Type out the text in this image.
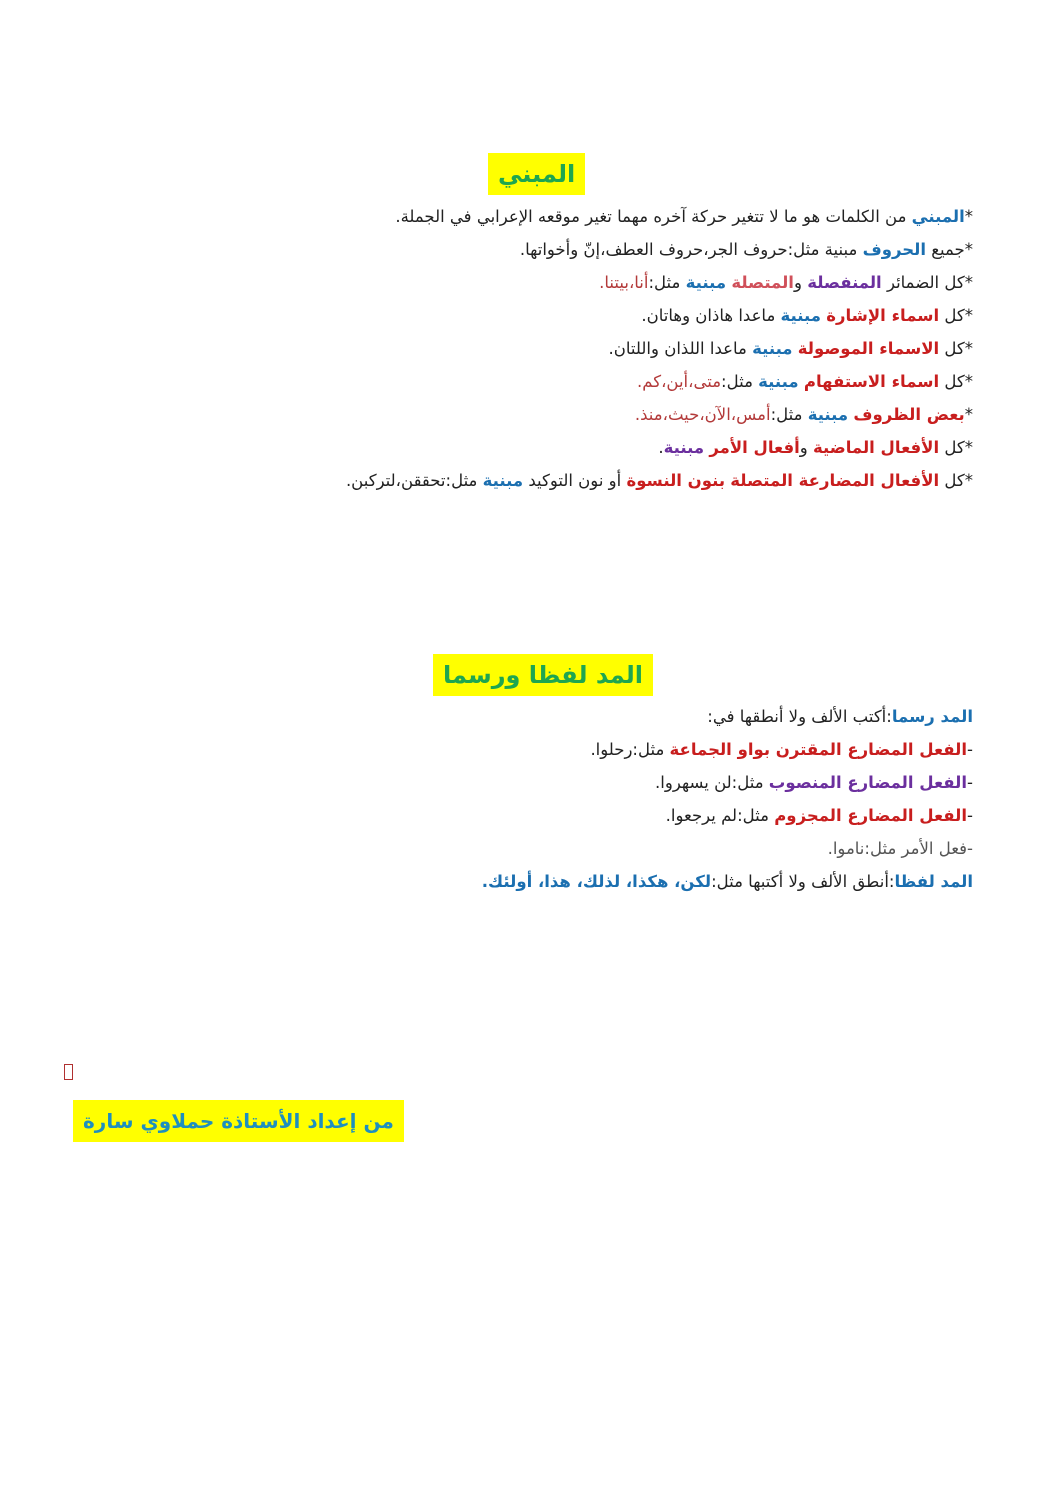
المبني
*المبني من الكلمات هو ما لا تتغير حركة آخره مهما تغير موقعه الإعرابي في الجملة.
*جميع الحروف مبنية مثل:حروف الجر،حروف العطف،إنّ وأخواتها.
*كل الضمائر المنفصلة والمتصلة مبنية مثل:أنا،بيتنا.
*كل اسماء الإشارة مبنية ماعدا هاذان وهاتان.
*كل الاسماء الموصولة مبنية ماعدا اللذان واللتان.
*كل اسماء الاستفهام مبنية مثل:متى،أين،كم.
*بعض الظروف مبنية مثل:أمس،الآن،حيث،منذ.
*كل الأفعال الماضية وأفعال الأمر مبنية.
*كل الأفعال المضارعة المتصلة بنون النسوة أو نون التوكيد مبنية مثل:تحققن،لتركبن.
المد لفظا ورسما
المد رسما:أكتب الألف ولا أنطقها في:
-الفعل المضارع المقترن بواو الجماعة مثل:رحلوا.
-الفعل المضارع المنصوب مثل:لن يسهروا.
-الفعل المضارع المجزوم مثل:لم يرجعوا.
-فعل الأمر مثل:ناموا.
المد لفظا:أنطق الألف ولا أكتبها مثل:لكن، هكذا، لذلك، هذا، أولئك.
من إعداد الأستاذة حملاوي سارة
